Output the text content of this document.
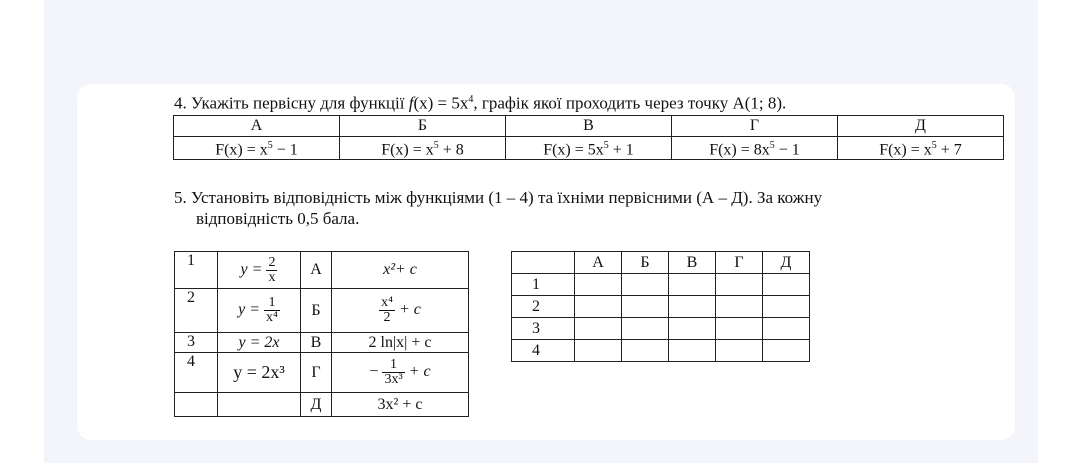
4. Укажіть первісну для функції $f(x) = 5x^4$, графік якої проходить через точку A(1; 8).
А	Б	В	Г	Д
$F(x) = x^5 - 1$	$F(x) = x^5 + 8$	$F(x) = 5x^5 + 1$	$F(x) = 8x^5 - 1$	$F(x) = x^5 + 7$
5. Установіть відповідність між функціями (1 – 4) та їхніми первісними (А – Д). За кожну
відповідність 0,5 бала.
1	$y = \frac{2}{x}$	А	x²+ c
2	$y = \frac{1}{\text{x⁴}}$	Б	$\frac{\text{x⁴}}{2} + c$
3	y = 2x	В	2 ln|x| + c
4	y = 2x³	Г	− $\frac{1}{\text{3x³}} + c$
		Д	3x² + c
	А	Б	В	Г	Д
1					
2					
3					
4					
